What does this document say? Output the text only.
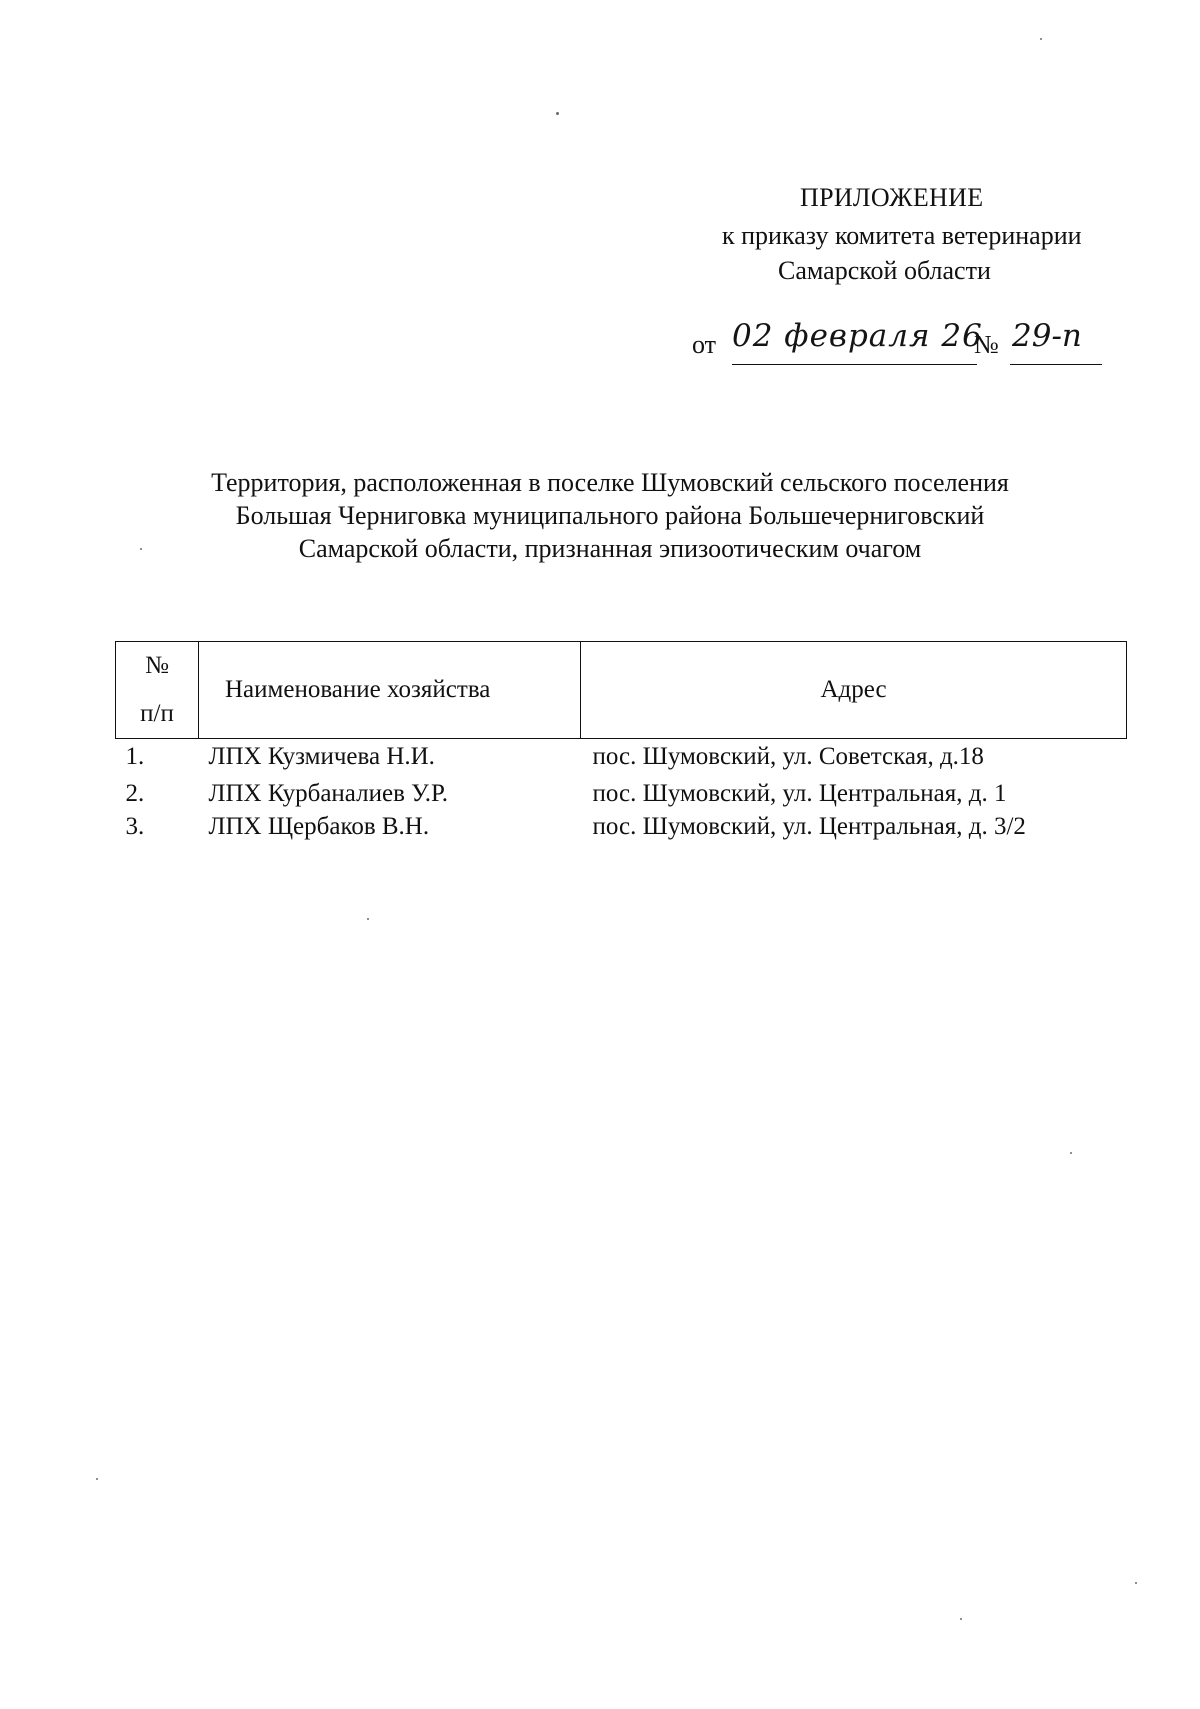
ПРИЛОЖЕНИЕ
к приказу комитета ветеринарии
Самарской области
от 02 февраля 26
№ 29-п
Территория, расположенная в поселке Шумовский сельского поселения
Большая Черниговка муниципального района Большечерниговский
Самарской области, признанная эпизоотическим очагом
№
п/п	Наименование хозяйства	Адрес
1.	ЛПХ Кузмичева Н.И.	пос. Шумовский, ул. Советская, д.18
2.	ЛПХ Курбаналиев У.Р.	пос. Шумовский, ул. Центральная, д. 1
3.	ЛПХ Щербаков В.Н.	пос. Шумовский, ул. Центральная, д. 3/2
